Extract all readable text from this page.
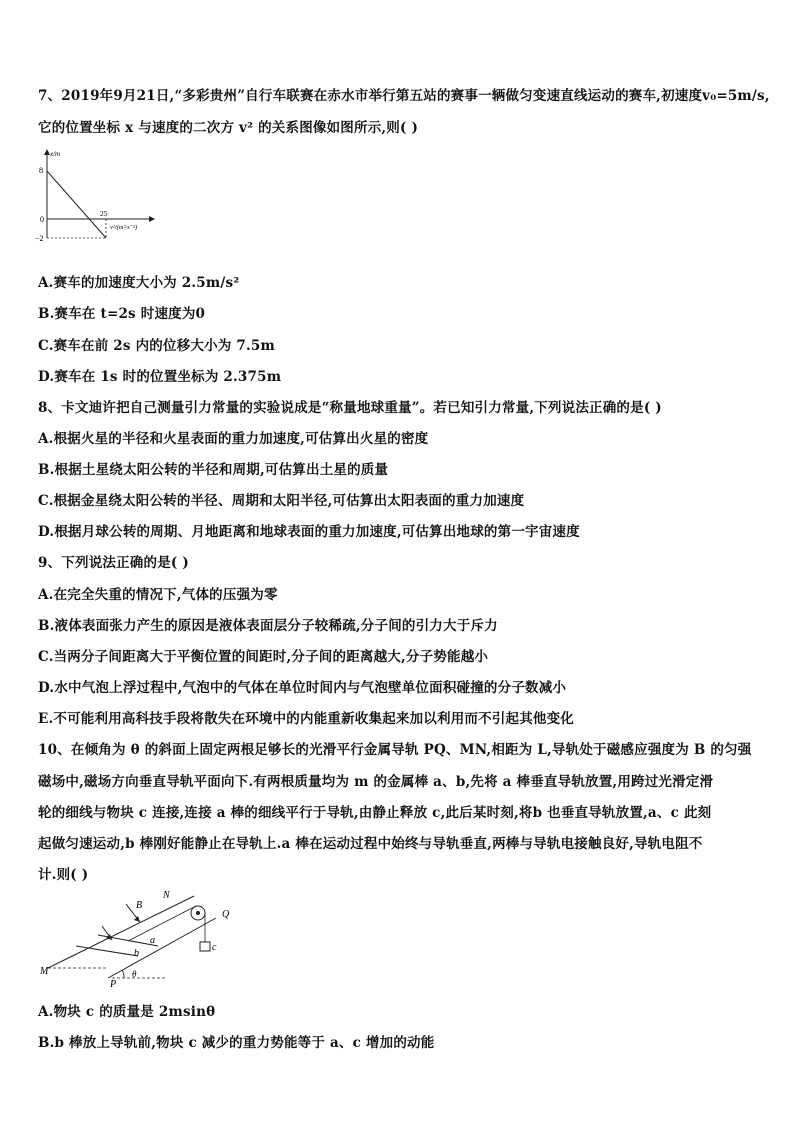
7、2019年9月21日,“多彩贵州”自行车联赛在赤水市举行第五站的赛事一辆做匀变速直线运动的赛车,初速度v₀=5m/s,
它的位置坐标 x 与速度的二次方 v² 的关系图像如图所示,则( )
x/m
8
0
−2
25
v²/(m²·s⁻²)
A.赛车的加速度大小为 2.5m/s²
B.赛车在 t=2s 时速度为0
C.赛车在前 2s 内的位移大小为 7.5m
D.赛车在 1s 时的位置坐标为 2.375m
8、卡文迪许把自己测量引力常量的实验说成是“称量地球重量”。若已知引力常量,下列说法正确的是( )
A.根据火星的半径和火星表面的重力加速度,可估算出火星的密度
B.根据土星绕太阳公转的半径和周期,可估算出土星的质量
C.根据金星绕太阳公转的半径、周期和太阳半径,可估算出太阳表面的重力加速度
D.根据月球公转的周期、月地距离和地球表面的重力加速度,可估算出地球的第一宇宙速度
9、下列说法正确的是( )
A.在完全失重的情况下,气体的压强为零
B.液体表面张力产生的原因是液体表面层分子较稀疏,分子间的引力大于斥力
C.当两分子间距离大于平衡位置的间距时,分子间的距离越大,分子势能越小
D.水中气泡上浮过程中,气泡中的气体在单位时间内与气泡壁单位面积碰撞的分子数减小
E.不可能利用高科技手段将散失在环境中的内能重新收集起来加以利用而不引起其他变化
10、在倾角为 θ 的斜面上固定两根足够长的光滑平行金属导轨 PQ、MN,相距为 L,导轨处于磁感应强度为 B 的匀强
磁场中,磁场方向垂直导轨平面向下.有两根质量均为 m 的金属棒 a、b,先将 a 棒垂直导轨放置,用跨过光滑定滑
轮的细线与物块 c 连接,连接 a 棒的细线平行于导轨,由静止释放 c,此后某时刻,将b 也垂直导轨放置,a、c 此刻
起做匀速运动,b 棒刚好能静止在导轨上.a 棒在运动过程中始终与导轨垂直,两棒与导轨电接触良好,导轨电阻不
计.则( )
B
N
Q
a
b
c
M
P
θ
A.物块 c 的质量是 2msinθ
B.b 棒放上导轨前,物块 c 减少的重力势能等于 a、c 增加的动能
